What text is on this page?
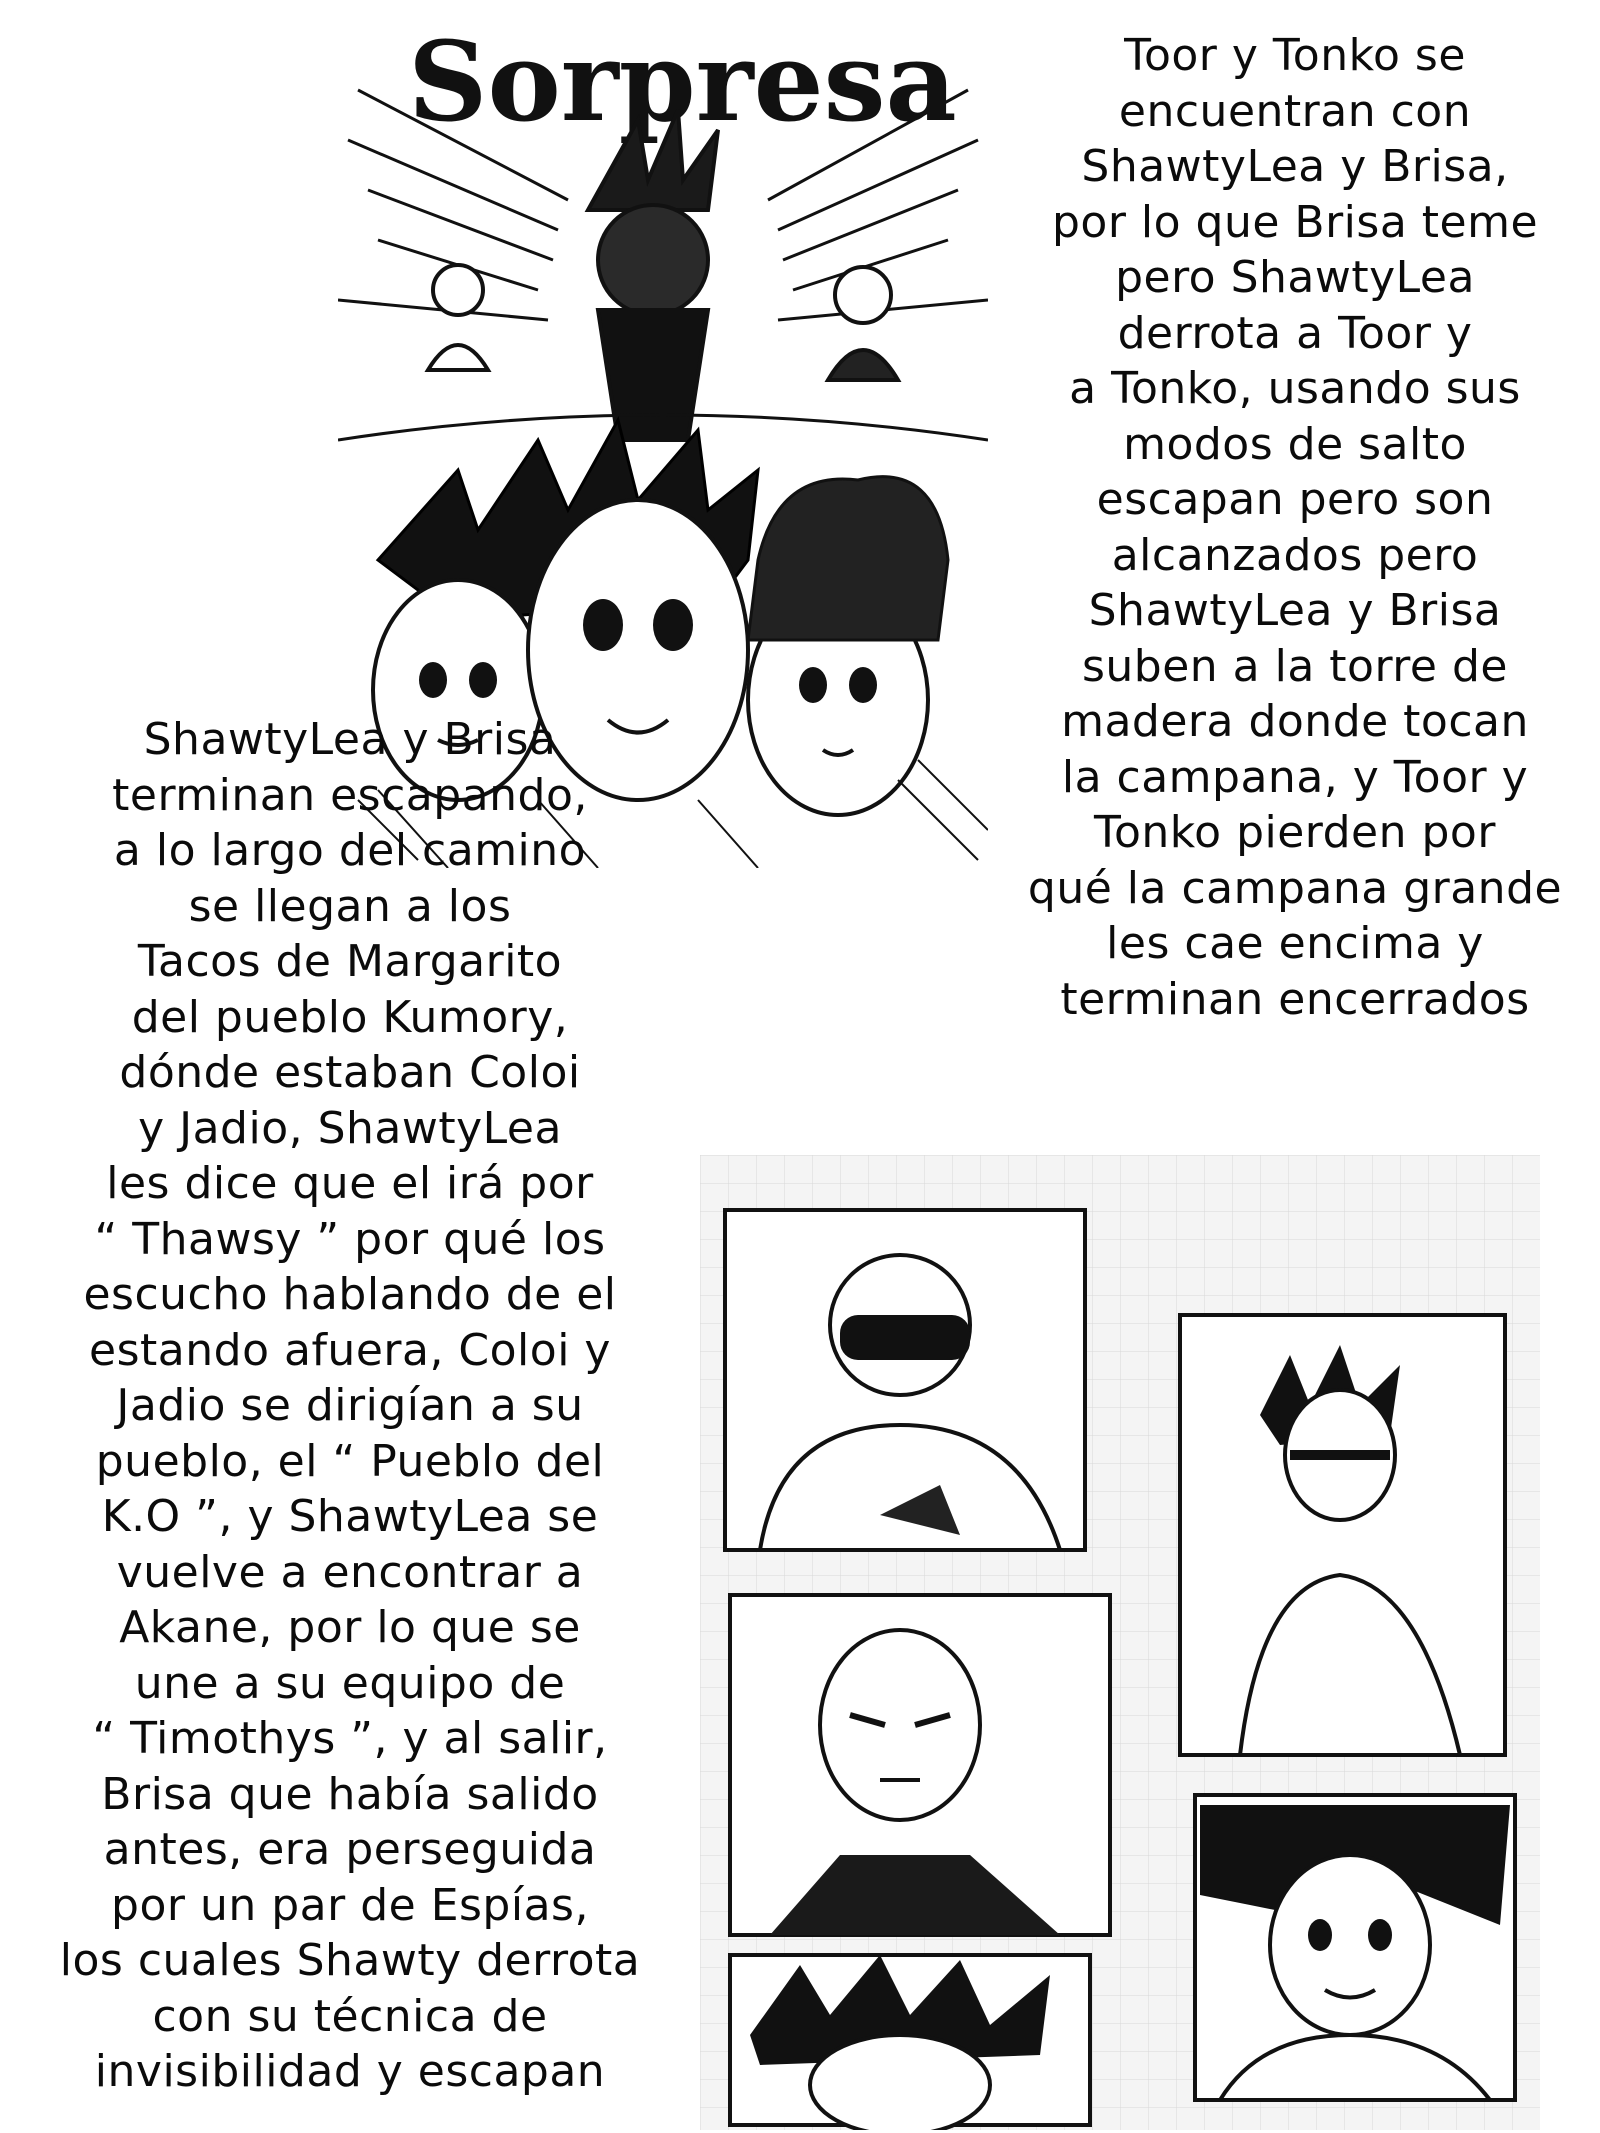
Sorpresa	Toor y Tonko se

encuentran con

ShawtyLea y Brisa,

por lo que Brisa teme

pero ShawtyLea

derrota a Toor y

a Tonko, usando sus

modos de salto

escapan pero son

alcanzados pero

ShawtyLea y Brisa

suben a la torre de

madera donde tocan

la campana, y Toor y

Tonko pierden por

qué la campana grande

les cae encima y

terminan encerrados

ShawtyLea y Brisa

terminan escapando,

a lo largo del camino

se llegan a los

Tacos de Margarito

del pueblo Kumory,

dónde estaban Coloi

y Jadio, ShawtyLea

les dice que el irá por

“ Thawsy ” por qué los

escucho hablando de el

estando afuera, Coloi y

Jadio se dirigían a su

pueblo, el “ Pueblo del

K.O ”, y ShawtyLea se

vuelve a encontrar a

Akane, por lo que se

une a su equipo de

“ Timothys ”, y al salir,

Brisa que había salido

antes, era perseguida

por un par de Espías,

los cuales Shawty derrota

con su técnica de

invisibilidad y escapan
